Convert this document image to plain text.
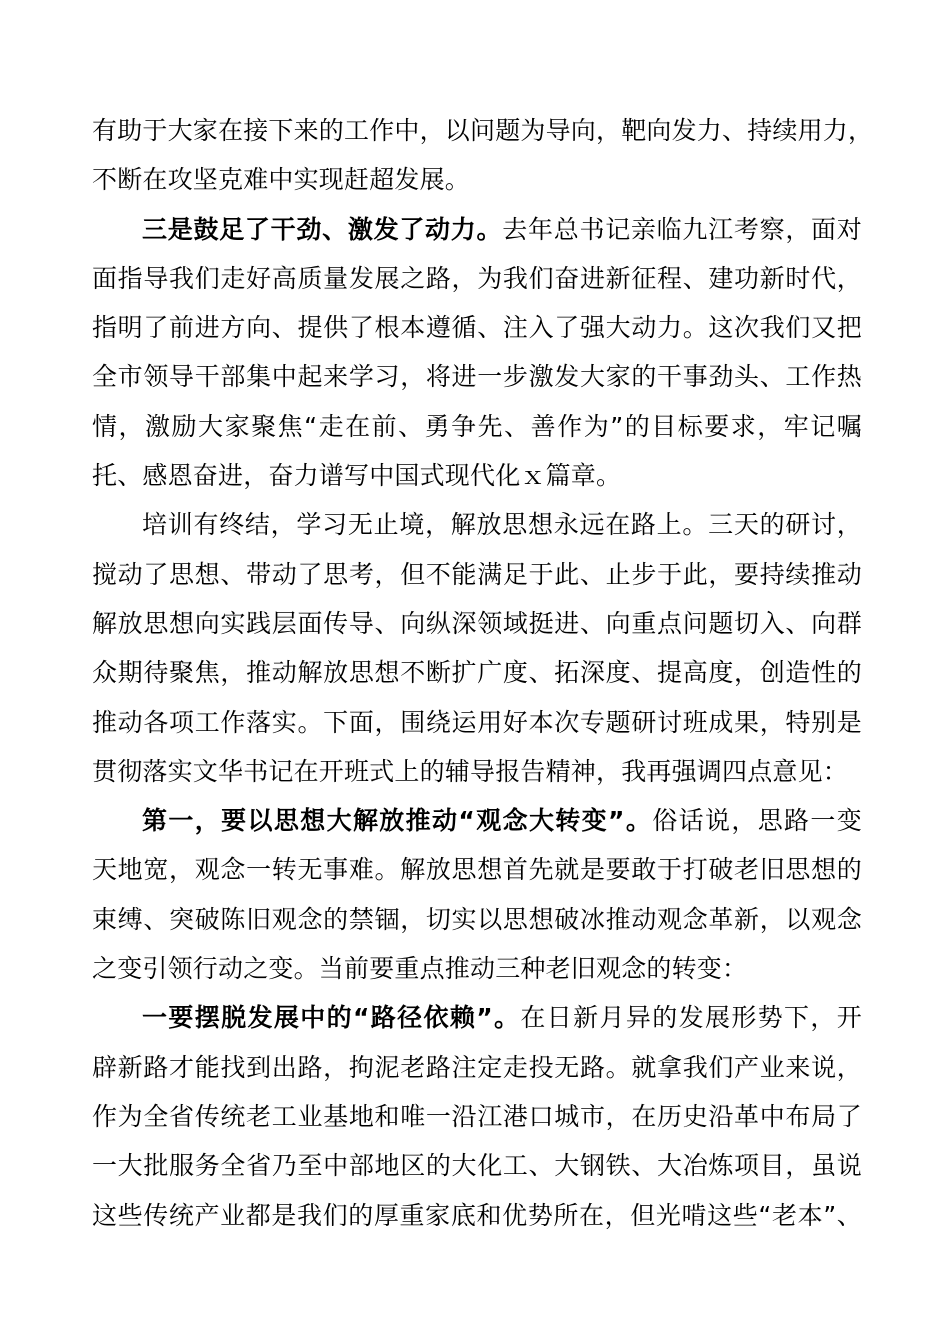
有助于大家在接下来的工作中，以问题为导向，靶向发力、持续用力，
不断在攻坚克难中实现赶超发展。
三是鼓足了干劲、激发了动力。去年总书记亲临九江考察，面对
面指导我们走好高质量发展之路，为我们奋进新征程、建功新时代，
指明了前进方向、提供了根本遵循、注入了强大动力。这次我们又把
全市领导干部集中起来学习，将进一步激发大家的干事劲头、工作热
情，激励大家聚焦“走在前、勇争先、善作为”的目标要求，牢记嘱
托、感恩奋进，奋力谱写中国式现代化ｘ篇章。
培训有终结，学习无止境，解放思想永远在路上。三天的研讨，
搅动了思想、带动了思考，但不能满足于此、止步于此，要持续推动
解放思想向实践层面传导、向纵深领域挺进、向重点问题切入、向群
众期待聚焦，推动解放思想不断扩广度、拓深度、提高度，创造性的
推动各项工作落实。下面，围绕运用好本次专题研讨班成果，特别是
贯彻落实文华书记在开班式上的辅导报告精神，我再强调四点意见：
第一，要以思想大解放推动“观念大转变”。俗话说，思路一变
天地宽，观念一转无事难。解放思想首先就是要敢于打破老旧思想的
束缚、突破陈旧观念的禁锢，切实以思想破冰推动观念革新，以观念
之变引领行动之变。当前要重点推动三种老旧观念的转变：
一要摆脱发展中的“路径依赖”。在日新月异的发展形势下，开
辟新路才能找到出路，拘泥老路注定走投无路。就拿我们产业来说，
作为全省传统老工业基地和唯一沿江港口城市，在历史沿革中布局了
一大批服务全省乃至中部地区的大化工、大钢铁、大冶炼项目，虽说
这些传统产业都是我们的厚重家底和优势所在，但光啃这些“老本”、
